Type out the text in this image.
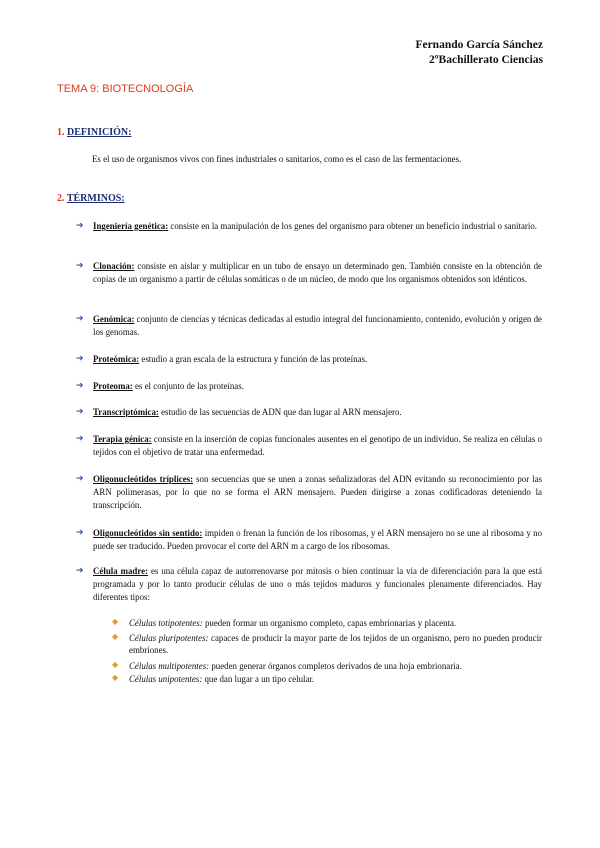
Fernando García Sánchez
2ºBachillerato Ciencias
TEMA 9: BIOTECNOLOGÍA
1. DEFINICIÓN:
Es el uso de organismos vivos con fines industriales o sanitarios, como es el caso de las fermentaciones.
2. TÉRMINOS:
➔ Ingeniería genética: consiste en la manipulación de los genes del organismo para obtener un beneficio industrial o sanitario.
➔ Clonación: consiste en aislar y multiplicar en un tubo de ensayo un determinado gen. También consiste en la obtención de copias de un organismo a partir de células somáticas o de un núcleo, de modo que los organismos obtenidos son idénticos.
➔ Genómica: conjunto de ciencias y técnicas dedicadas al estudio integral del funcionamiento, contenido, evolución y origen de los genomas.
➔ Proteómica: estudio a gran escala de la estructura y función de las proteínas.
➔ Proteoma: es el conjunto de las proteínas.
➔ Transcriptómica: estudio de las secuencias de ADN que dan lugar al ARN mensajero.
➔ Terapia génica: consiste en la inserción de copias funcionales ausentes en el genotipo de un individuo. Se realiza en células o tejidos con el objetivo de tratar una enfermedad.
➔ Oligonucleótidos tríplices: son secuencias que se unen a zonas señalizadoras del ADN evitando su reconocimiento por las ARN polimerasas, por lo que no se forma el ARN mensajero. Pueden dirigirse a zonas codificadoras deteniendo la transcripción.
➔ Oligonucleótidos sin sentido: impiden o frenan la función de los ribosomas, y el ARN mensajero no se une al ribosoma y no puede ser traducido. Pueden provocar el corte del ARN m a cargo de los ribosomas.
➔ Célula madre: es una célula capaz de autorrenovarse por mitosis o bien continuar la vía de diferenciación para la que está programada y por lo tanto producir células de uno o más tejidos maduros y funcionales plenamente diferenciados. Hay diferentes tipos:
◆ Células totipotentes: pueden formar un organismo completo, capas embrionarias y placenta.
◆ Células pluripotentes: capaces de producir la mayor parte de los tejidos de un organismo, pero no pueden producir embriones.
◆ Células multipotentes: pueden generar órganos completos derivados de una hoja embrionaria.
◆ Células unipotentes: que dan lugar a un tipo celular.
